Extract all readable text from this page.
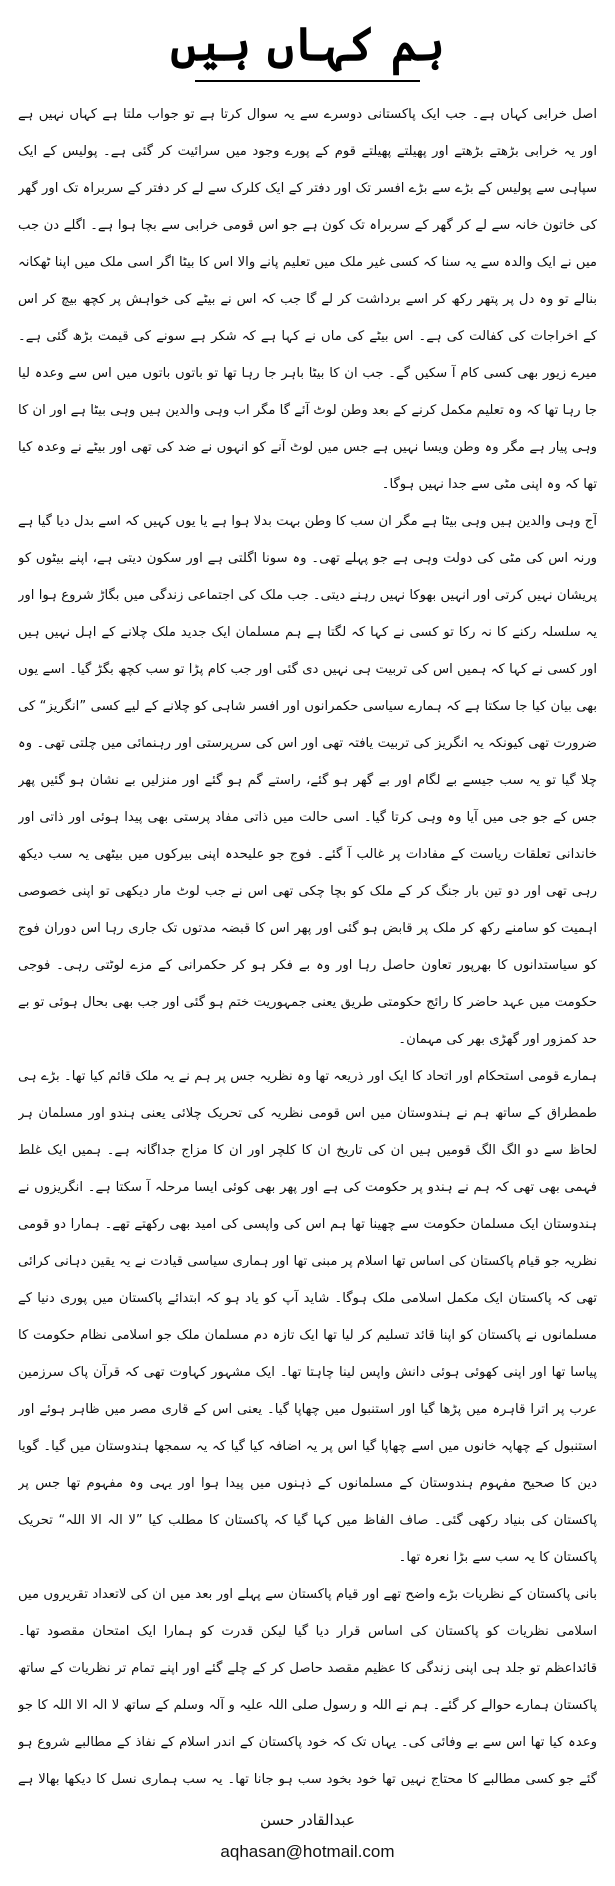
ہم کہاں ہیں

اصل خرابی کہاں ہے۔ جب ایک پاکستانی دوسرے سے یہ سوال کرتا ہے تو جواب ملتا ہے کہاں نہیں ہے اور یہ خرابی بڑھتے بڑھتے اور پھیلتے پھیلتے قوم کے پورے وجود میں سرائیت کر گئی ہے۔ پولیس کے ایک سپاہی سے پولیس کے بڑے سے بڑے افسر تک اور دفتر کے ایک کلرک سے لے کر دفتر کے سربراہ تک اور گھر کی خاتون خانہ سے لے کر گھر کے سربراہ تک کون ہے جو اس قومی خرابی سے بچا ہوا ہے۔ اگلے دن جب میں نے ایک والدہ سے یہ سنا کہ کسی غیر ملک میں تعلیم پانے والا اس کا بیٹا اگر اسی ملک میں اپنا ٹھکانہ بنالے تو وہ دل پر پتھر رکھ کر اسے برداشت کر لے گا جب کہ اس نے بیٹے کی خواہش پر کچھ بیچ کر اس کے اخراجات کی کفالت کی ہے۔ اس بیٹے کی ماں نے کہا ہے کہ شکر ہے سونے کی قیمت بڑھ گئی ہے۔ میرے زیور بھی کسی کام آ سکیں گے۔ جب ان کا بیٹا باہر جا رہا تھا تو باتوں باتوں میں اس سے وعدہ لیا جا رہا تھا کہ وہ تعلیم مکمل کرنے کے بعد وطن لوٹ آئے گا مگر اب وہی والدین ہیں وہی بیٹا ہے اور ان کا وہی پیار ہے مگر وہ وطن ویسا نہیں ہے جس میں لوٹ آنے کو انہوں نے ضد کی تھی اور بیٹے نے وعدہ کیا تھا کہ وہ اپنی مٹی سے جدا نہیں ہوگا۔

آج وہی والدین ہیں وہی بیٹا ہے مگر ان سب کا وطن بہت بدلا ہوا ہے یا یوں کہیں کہ اسے بدل دیا گیا ہے ورنہ اس کی مٹی کی دولت وہی ہے جو پہلے تھی۔ وہ سونا اگلتی ہے اور سکون دیتی ہے، اپنے بیٹوں کو پریشان نہیں کرتی اور انہیں بھوکا نہیں رہنے دیتی۔ جب ملک کی اجتماعی زندگی میں بگاڑ شروع ہوا اور یہ سلسلہ رکنے کا نہ رکا تو کسی نے کہا کہ لگتا ہے ہم مسلمان ایک جدید ملک چلانے کے اہل نہیں ہیں اور کسی نے کہا کہ ہمیں اس کی تربیت ہی نہیں دی گئی اور جب کام پڑا تو سب کچھ بگڑ گیا۔ اسے یوں بھی بیان کیا جا سکتا ہے کہ ہمارے سیاسی حکمرانوں اور افسر شاہی کو چلانے کے لیے کسی ”انگریز“ کی ضرورت تھی کیونکہ یہ انگریز کی تربیت یافتہ تھی اور اس کی سرپرستی اور رہنمائی میں چلتی تھی۔ وہ چلا گیا تو یہ سب جیسے بے لگام اور بے گھر ہو گئے، راستے گم ہو گئے اور منزلیں بے نشان ہو گئیں پھر جس کے جو جی میں آیا وہ وہی کرتا گیا۔ اسی حالت میں ذاتی مفاد پرستی بھی پیدا ہوئی اور ذاتی اور خاندانی تعلقات ریاست کے مفادات پر غالب آ گئے۔ فوج جو علیحدہ اپنی بیرکوں میں بیٹھی یہ سب دیکھ رہی تھی اور دو تین بار جنگ کر کے ملک کو بچا چکی تھی اس نے جب لوٹ مار دیکھی تو اپنی خصوصی اہمیت کو سامنے رکھ کر ملک پر قابض ہو گئی اور پھر اس کا قبضہ مدتوں تک جاری رہا اس دوران فوج کو سیاستدانوں کا بھرپور تعاون حاصل رہا اور وہ بے فکر ہو کر حکمرانی کے مزے لوٹتی رہی۔ فوجی حکومت میں عہد حاضر کا رائج حکومتی طریق یعنی جمہوریت ختم ہو گئی اور جب بھی بحال ہوئی تو بے حد کمزور اور گھڑی بھر کی مہمان۔

ہمارے قومی استحکام اور اتحاد کا ایک اور ذریعہ تھا وہ نظریہ جس پر ہم نے یہ ملک قائم کیا تھا۔ بڑے ہی طمطراق کے ساتھ ہم نے ہندوستان میں اس قومی نظریہ کی تحریک چلائی یعنی ہندو اور مسلمان ہر لحاظ سے دو الگ الگ قومیں ہیں ان کی تاریخ ان کا کلچر اور ان کا مزاج جداگانہ ہے۔ ہمیں ایک غلط فہمی بھی تھی کہ ہم نے ہندو پر حکومت کی ہے اور پھر بھی کوئی ایسا مرحلہ آ سکتا ہے۔ انگریزوں نے ہندوستان ایک مسلمان حکومت سے چھینا تھا ہم اس کی واپسی کی امید بھی رکھتے تھے۔ ہمارا دو قومی نظریہ جو قیام پاکستان کی اساس تھا اسلام پر مبنی تھا اور ہماری سیاسی قیادت نے یہ یقین دہانی کرائی تھی کہ پاکستان ایک مکمل اسلامی ملک ہوگا۔ شاید آپ کو یاد ہو کہ ابتدائے پاکستان میں پوری دنیا کے مسلمانوں نے پاکستان کو اپنا قائد تسلیم کر لیا تھا ایک تازہ دم مسلمان ملک جو اسلامی نظام حکومت کا پیاسا تھا اور اپنی کھوئی ہوئی دانش واپس لینا چاہتا تھا۔ ایک مشہور کہاوت تھی کہ قرآن پاک سرزمین عرب پر اترا قاہرہ میں پڑھا گیا اور استنبول میں چھاپا گیا۔ یعنی اس کے قاری مصر میں ظاہر ہوئے اور استنبول کے چھاپہ خانوں میں اسے چھاپا گیا اس پر یہ اضافہ کیا گیا کہ یہ سمجھا ہندوستان میں گیا۔ گویا دین کا صحیح مفہوم ہندوستان کے مسلمانوں کے ذہنوں میں پیدا ہوا اور یہی وہ مفہوم تھا جس پر پاکستان کی بنیاد رکھی گئی۔ صاف الفاظ میں کہا گیا کہ پاکستان کا مطلب کیا ”لا الہ الا اللہ“ تحریک پاکستان کا یہ سب سے بڑا نعرہ تھا۔

بانی پاکستان کے نظریات بڑے واضح تھے اور قیام پاکستان سے پہلے اور بعد میں ان کی لاتعداد تقریروں میں اسلامی نظریات کو پاکستان کی اساس قرار دیا گیا لیکن قدرت کو ہمارا ایک امتحان مقصود تھا۔ قائداعظم تو جلد ہی اپنی زندگی کا عظیم مقصد حاصل کر کے چلے گئے اور اپنے تمام تر نظریات کے ساتھ پاکستان ہمارے حوالے کر گئے۔ ہم نے اللہ و رسول صلی اللہ علیہ و آلہ وسلم کے ساتھ لا الہ الا اللہ کا جو وعدہ کیا تھا اس سے بے وفائی کی۔ یہاں تک کہ خود پاکستان کے اندر اسلام کے نفاذ کے مطالبے شروع ہو گئے جو کسی مطالبے کا محتاج نہیں تھا خود بخود سب ہو جانا تھا۔ یہ سب ہماری نسل کا دیکھا بھالا ہے

عبدالقادر حسن
aqhasan@hotmail.com
